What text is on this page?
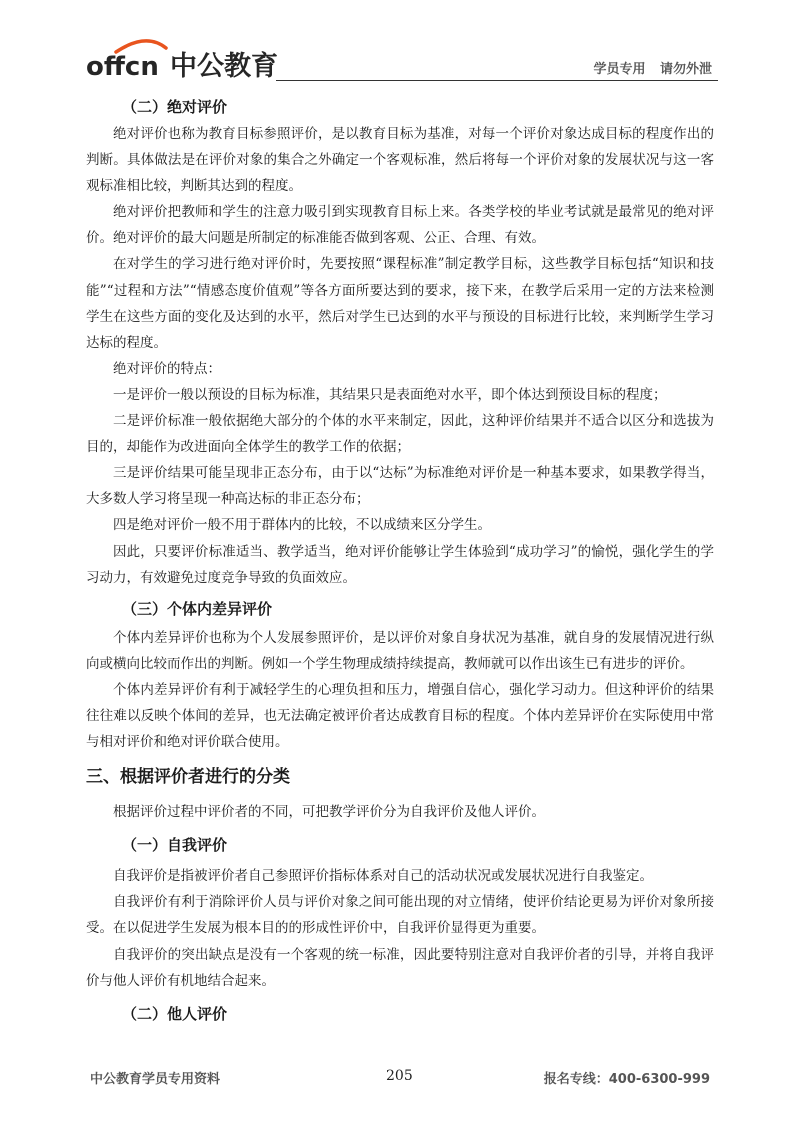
offcn 中公教育	学员专用 请勿外泄
（二）绝对评价

绝对评价也称为教育目标参照评价，是以教育目标为基准，对每一个评价对象达成目标的程度作出的判断。具体做法是在评价对象的集合之外确定一个客观标准，然后将每一个评价对象的发展状况与这一客观标准相比较，判断其达到的程度。

绝对评价把教师和学生的注意力吸引到实现教育目标上来。各类学校的毕业考试就是最常见的绝对评价。绝对评价的最大问题是所制定的标准能否做到客观、公正、合理、有效。

在对学生的学习进行绝对评价时，先要按照“课程标准”制定教学目标，这些教学目标包括“知识和技能”“过程和方法”“情感态度价值观”等各方面所要达到的要求，接下来，在教学后采用一定的方法来检测学生在这些方面的变化及达到的水平，然后对学生已达到的水平与预设的目标进行比较，来判断学生学习达标的程度。

绝对评价的特点：

一是评价一般以预设的目标为标准，其结果只是表面绝对水平，即个体达到预设目标的程度；

二是评价标准一般依据绝大部分的个体的水平来制定，因此，这种评价结果并不适合以区分和选拔为目的，却能作为改进面向全体学生的教学工作的依据；

三是评价结果可能呈现非正态分布，由于以“达标”为标准绝对评价是一种基本要求，如果教学得当，大多数人学习将呈现一种高达标的非正态分布；

四是绝对评价一般不用于群体内的比较，不以成绩来区分学生。

因此，只要评价标准适当、教学适当，绝对评价能够让学生体验到“成功学习”的愉悦，强化学生的学习动力，有效避免过度竞争导致的负面效应。

（三）个体内差异评价

个体内差异评价也称为个人发展参照评价，是以评价对象自身状况为基准，就自身的发展情况进行纵向或横向比较而作出的判断。例如一个学生物理成绩持续提高，教师就可以作出该生已有进步的评价。

个体内差异评价有利于减轻学生的心理负担和压力，增强自信心，强化学习动力。但这种评价的结果往往难以反映个体间的差异，也无法确定被评价者达成教育目标的程度。个体内差异评价在实际使用中常与相对评价和绝对评价联合使用。

三、根据评价者进行的分类

根据评价过程中评价者的不同，可把教学评价分为自我评价及他人评价。

（一）自我评价

自我评价是指被评价者自己参照评价指标体系对自己的活动状况或发展状况进行自我鉴定。

自我评价有利于消除评价人员与评价对象之间可能出现的对立情绪，使评价结论更易为评价对象所接受。在以促进学生发展为根本目的的形成性评价中，自我评价显得更为重要。

自我评价的突出缺点是没有一个客观的统一标准，因此要特别注意对自我评价者的引导，并将自我评价与他人评价有机地结合起来。

（二）他人评价
中公教育学员专用资料	205	报名专线：400-6300-999
